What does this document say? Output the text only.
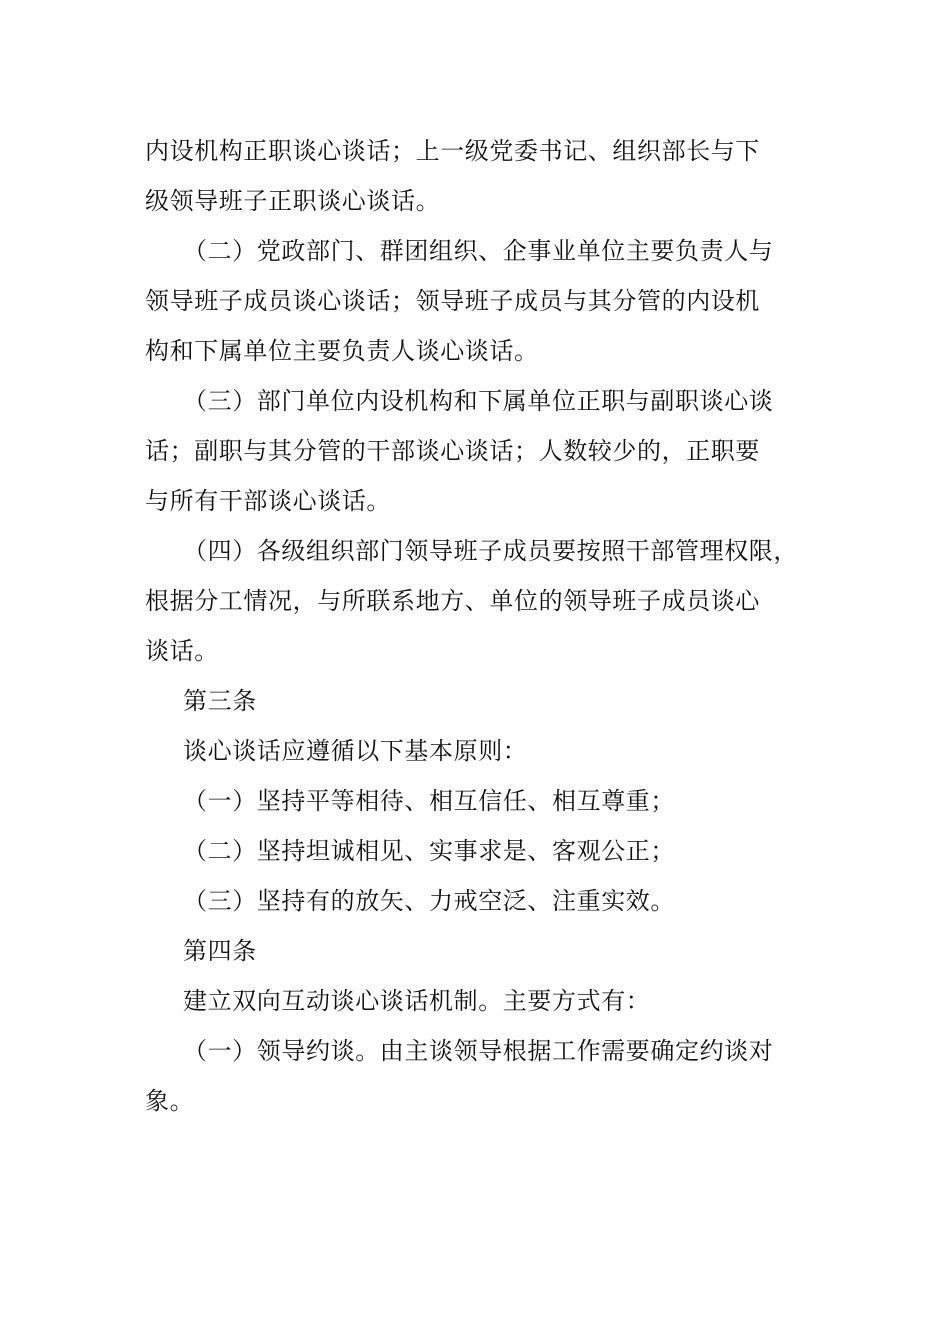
内设机构正职谈心谈话；上一级党委书记、组织部长与下
级领导班子正职谈心谈话。
（二）党政部门、群团组织、企事业单位主要负责人与
领导班子成员谈心谈话；领导班子成员与其分管的内设机
构和下属单位主要负责人谈心谈话。
（三）部门单位内设机构和下属单位正职与副职谈心谈
话；副职与其分管的干部谈心谈话；人数较少的，正职要
与所有干部谈心谈话。
（四）各级组织部门领导班子成员要按照干部管理权限，
根据分工情况，与所联系地方、单位的领导班子成员谈心
谈话。
第三条
谈心谈话应遵循以下基本原则：
（一）坚持平等相待、相互信任、相互尊重；
（二）坚持坦诚相见、实事求是、客观公正；
（三）坚持有的放矢、力戒空泛、注重实效。
第四条
建立双向互动谈心谈话机制。主要方式有：
（一）领导约谈。由主谈领导根据工作需要确定约谈对
象。
